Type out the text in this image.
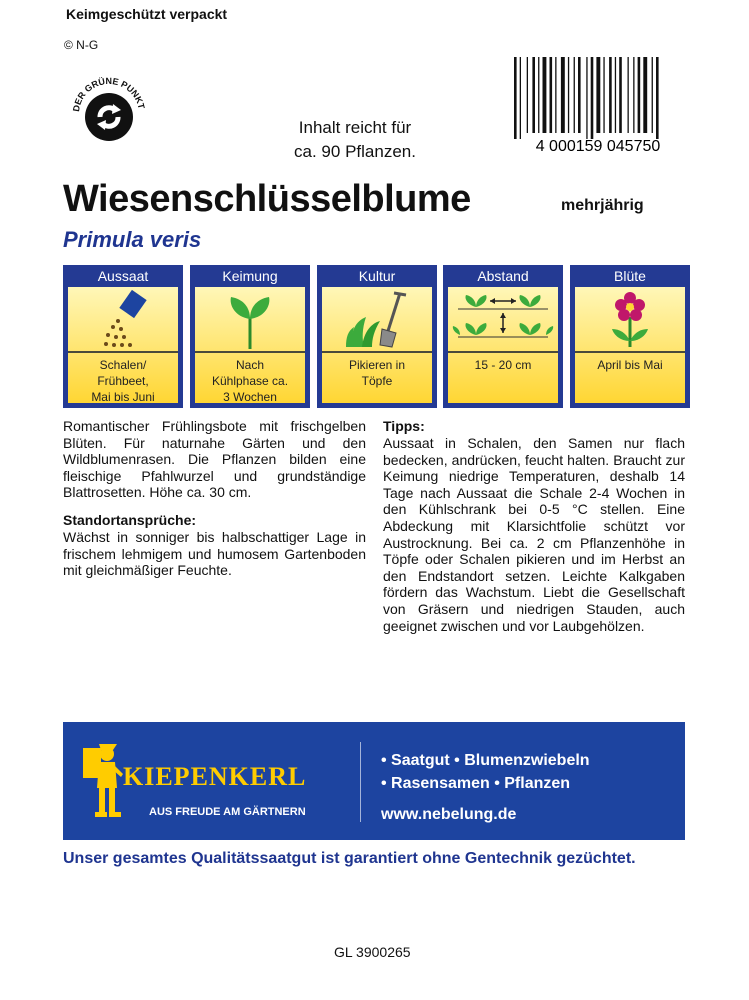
Keimgeschützt verpackt
© N-G
DER GRÜNE PUNKT
Inhalt reicht für
ca. 90 Pflanzen.	4 000159 045750
Wiesenschlüsselblume	mehrjährig
Primula veris
Aussaat
Schalen/
Frühbeet,
Mai bis Juni
Keimung
Nach
Kühlphase ca.
3 Wochen
Kultur
Pikieren in
Töpfe
Abstand
15 - 20 cm
Blüte
April bis Mai
Romantischer Frühlingsbote mit frischgelben Blüten. Für naturnahe Gärten und den Wildblumenrasen. Die Pflanzen bilden eine fleischige Pfahlwurzel und grundständige Blattrosetten. Höhe ca. 30 cm.
Standortansprüche:
Wächst in sonniger bis halbschattiger Lage in frischem lehmigem und humosem Gartenboden mit gleichmäßiger Feuchte.
Tipps:
Aussaat in Schalen, den Samen nur flach bedecken, andrücken, feucht halten. Braucht zur Keimung niedrige Temperaturen, deshalb 14 Tage nach Aussaat die Schale 2-4 Wochen in den Kühlschrank bei 0-5 °C stellen. Eine Abdeckung mit Klarsichtfolie schützt vor Austrocknung. Bei ca. 2 cm Pflanzenhöhe in Töpfe oder Schalen pikieren und im Herbst an den Endstandort setzen. Leichte Kalkgaben fördern das Wachstum. Liebt die Gesellschaft von Gräsern und niedrigen Stauden, auch geeignet zwischen und vor Laubgehölzen.
KIEPENKERL
AUS FREUDE AM GÄRTNERN
• Saatgut • Blumenzwiebeln
• Rasensamen • Pflanzen
www.nebelung.de
Unser gesamtes Qualitätssaatgut ist garantiert ohne Gentechnik gezüchtet.
GL 3900265
